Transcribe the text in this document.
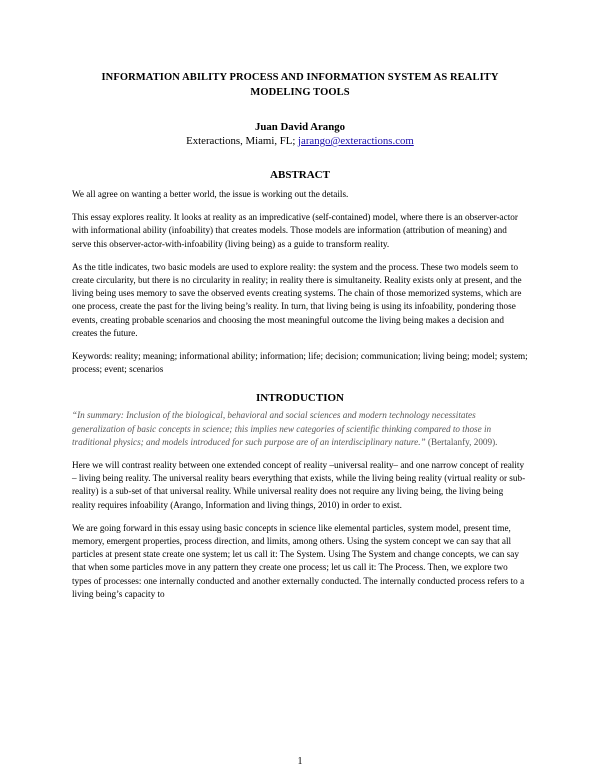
INFORMATION ABILITY PROCESS AND INFORMATION SYSTEM AS REALITY

MODELING TOOLS

Juan David Arango
Exteractions, Miami, FL; jarango@exteractions.com
ABSTRACT

We all agree on wanting a better world, the issue is working out the details.

This essay explores reality. It looks at reality as an impredicative (self-contained) model, where there is an observer-actor with informational ability (infoability) that creates models. Those models are information (attribution of meaning) and serve this observer-actor-with-infoability (living being) as a guide to transform reality.

As the title indicates, two basic models are used to explore reality: the system and the process. These two models seem to create circularity, but there is no circularity in reality; in reality there is simultaneity. Reality exists only at present, and the living being uses memory to save the observed events creating systems. The chain of those memorized systems, which are one process, create the past for the living being’s reality. In turn, that living being is using its infoability, pondering those events, creating probable scenarios and choosing the most meaningful outcome the living being makes a decision and creates the future.

Keywords: reality; meaning; informational ability; information; life; decision; communication; living being; model; system; process; event; scenarios

INTRODUCTION

“In summary: Inclusion of the biological, behavioral and social sciences and modern technology necessitates generalization of basic concepts in science; this implies new categories of scientific thinking compared to those in traditional physics; and models introduced for such purpose are of an interdisciplinary nature.” (Bertalanfy, 2009).

Here we will contrast reality between one extended concept of reality –universal reality– and one narrow concept of reality – living being reality. The universal reality bears everything that exists, while the living being reality (virtual reality or sub-reality) is a sub-set of that universal reality. While universal reality does not require any living being, the living being reality requires infoability (Arango, Information and living things, 2010) in order to exist.

We are going forward in this essay using basic concepts in science like elemental particles, system model, present time, memory, emergent properties, process direction, and limits, among others. Using the system concept we can say that all particles at present state create one system; let us call it: The System. Using The System and change concepts, we can say that when some particles move in any pattern they create one process; let us call it: The Process. Then, we explore two types of processes: one internally conducted and another externally conducted. The internally conducted process refers to a living being’s capacity to

1
